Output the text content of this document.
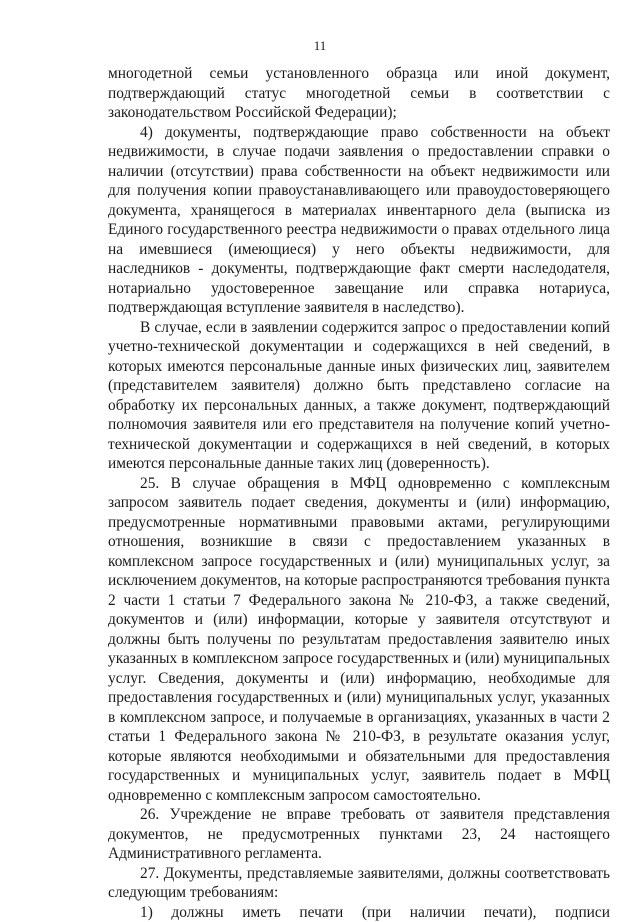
11

многодетной семьи установленного образца или иной документ, подтверждающий статус многодетной семьи в соответствии с законодательством Российской Федерации);

4) документы, подтверждающие право собственности на объект недвижимости, в случае подачи заявления о предоставлении справки о наличии (отсутствии) права собственности на объект недвижимости или для получения копии правоустанавливающего или правоудостоверяющего документа, хранящегося в материалах инвентарного дела (выписка из Единого государственного реестра недвижимости о правах отдельного лица на имевшиеся (имеющиеся) у него объекты недвижимости, для наследников - документы, подтверждающие факт смерти наследодателя, нотариально удостоверенное завещание или справка нотариуса, подтверждающая вступление заявителя в наследство).

В случае, если в заявлении содержится запрос о предоставлении копий учетно-технической документации и содержащихся в ней сведений, в которых имеются персональные данные иных физических лиц, заявителем (представителем заявителя) должно быть представлено согласие на обработку их персональных данных, а также документ, подтверждающий полномочия заявителя или его представителя на получение копий учетно-технической документации и содержащихся в ней сведений, в которых имеются персональные данные таких лиц (доверенность).

25. В случае обращения в МФЦ одновременно с комплексным запросом заявитель подает сведения, документы и (или) информацию, предусмотренные нормативными правовыми актами, регулирующими отношения, возникшие в связи с предоставлением указанных в комплексном запросе государственных и (или) муниципальных услуг, за исключением документов, на которые распространяются требования пункта 2 части 1 статьи 7 Федерального закона № 210-ФЗ, а также сведений, документов и (или) информации, которые у заявителя отсутствуют и должны быть получены по результатам предоставления заявителю иных указанных в комплексном запросе государственных и (или) муниципальных услуг. Сведения, документы и (или) информацию, необходимые для предоставления государственных и (или) муниципальных услуг, указанных в комплексном запросе, и получаемые в организациях, указанных в части 2 статьи 1 Федерального закона № 210-ФЗ, в результате оказания услуг, которые являются необходимыми и обязательными для предоставления государственных и муниципальных услуг, заявитель подает в МФЦ одновременно с комплексным запросом самостоятельно.

26. Учреждение не вправе требовать от заявителя представления документов, не предусмотренных пунктами 23, 24 настоящего Административного регламента.

27. Документы, представляемые заявителями, должны соответствовать следующим требованиям:

1) должны иметь печати (при наличии печати), подписи
